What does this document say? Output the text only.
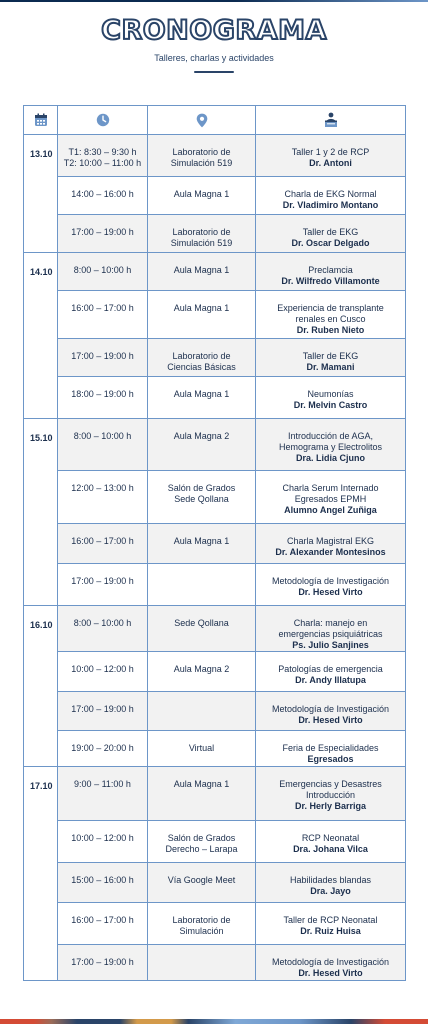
CRONOGRAMA
Talleres, charlas y actividades

13.10	T1: 8:30 – 9:30 h
T2: 10:00 – 11:00 h	Laboratorio de
Simulación 519	Taller 1 y 2 de RCP
Dr. Antoni

	14:00 – 16:00 h	Aula Magna 1	Charla de EKG Normal
Dr. Vladimiro Montano

	17:00 – 19:00 h	Laboratorio de
Simulación 519	Taller de EKG
Dr. Oscar Delgado

14.10	8:00 – 10:00 h	Aula Magna 1	Preclamcia
Dr. Wilfredo Villamonte

	16:00 – 17:00 h	Aula Magna 1	Experiencia de transplante
renales en Cusco
Dr. Ruben Nieto

	17:00 – 19:00 h	Laboratorio de
Ciencias Básicas	Taller de EKG
Dr. Mamani

	18:00 – 19:00 h	Aula Magna 1	Neumonías
Dr. Melvin Castro

15.10	8:00 – 10:00 h	Aula Magna 2	Introducción de AGA,
Hemograma y Electrolitos
Dra. Lidia Cjuno

	12:00 – 13:00 h	Salón de Grados
Sede Qollana	Charla Serum Internado
Egresados EPMH
Alumno Angel Zuñiga

	16:00 – 17:00 h	Aula Magna 1	Charla Magistral EKG
Dr. Alexander Montesinos

	17:00 – 19:00 h		Metodología de Investigación
Dr. Hesed Virto

16.10	8:00 – 10:00 h	Sede Qollana	Charla: manejo en
emergencias psiquiátricas
Ps. Julio Sanjines

	10:00 – 12:00 h	Aula Magna 2	Patologías de emergencia
Dr. Andy Illatupa

	17:00 – 19:00 h		Metodología de Investigación
Dr. Hesed Virto

	19:00 – 20:00 h	Virtual	Feria de Especialidades
Egresados

17.10	9:00 – 11:00 h	Aula Magna 1	Emergencias y Desastres
Introducción
Dr. Herly Barriga

	10:00 – 12:00 h	Salón de Grados
Derecho – Larapa	RCP Neonatal
Dra. Johana Vilca

	15:00 – 16:00 h	Vía Google Meet	Habilidades blandas
Dra. Jayo

	16:00 – 17:00 h	Laboratorio de
Simulación	Taller de RCP Neonatal
Dr. Ruiz Huisa

	17:00 – 19:00 h		Metodología de Investigación
Dr. Hesed Virto
